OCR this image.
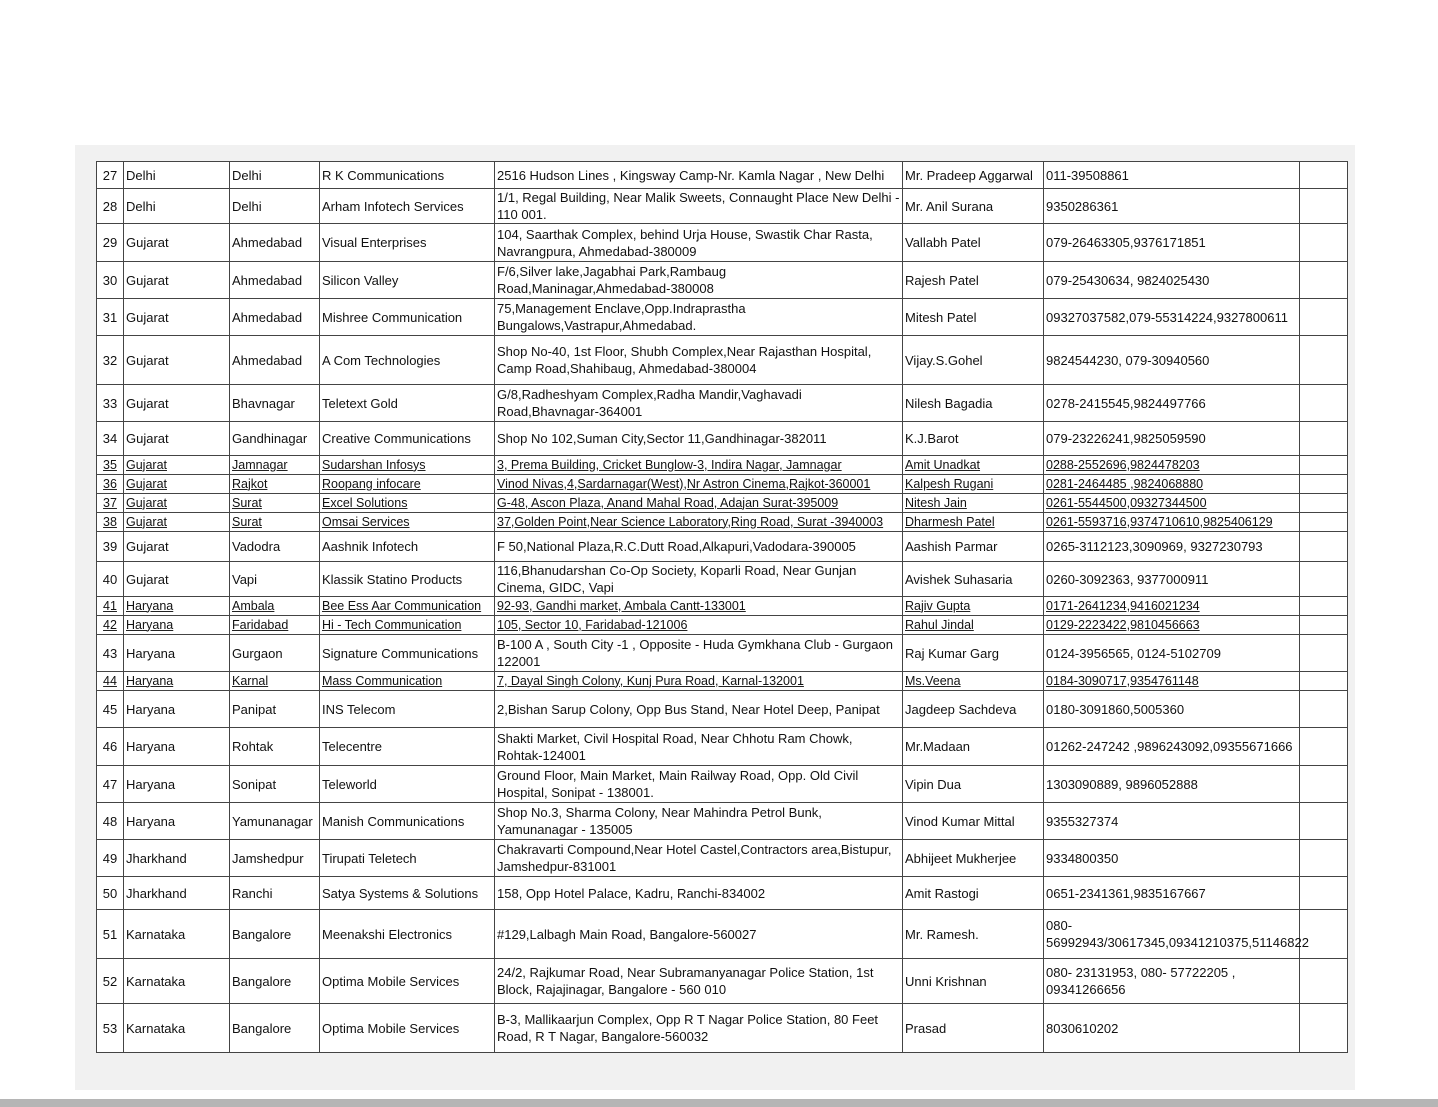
27	Delhi	Delhi	R K Communications	2516 Hudson Lines , Kingsway Camp-Nr. Kamla Nagar , New Delhi	Mr. Pradeep Aggarwal	011-39508861	
28	Delhi	Delhi	Arham Infotech Services	1/1, Regal Building, Near Malik Sweets, Connaught Place New Delhi - 110 001.	Mr. Anil Surana	9350286361	
29	Gujarat	Ahmedabad	Visual Enterprises	104, Saarthak Complex, behind Urja House, Swastik Char Rasta, Navrangpura, Ahmedabad-380009	Vallabh Patel	079-26463305,9376171851	
30	Gujarat	Ahmedabad	Silicon Valley	F/6,Silver lake,Jagabhai Park,Rambaug Road,Maninagar,Ahmedabad-380008	Rajesh Patel	079-25430634, 9824025430	
31	Gujarat	Ahmedabad	Mishree Communication	75,Management Enclave,Opp.Indraprastha Bungalows,Vastrapur,Ahmedabad.	Mitesh Patel	09327037582,079-55314224,9327800611	
32	Gujarat	Ahmedabad	A Com Technologies	Shop No-40, 1st Floor, Shubh Complex,Near Rajasthan Hospital, Camp Road,Shahibaug, Ahmedabad-380004	Vijay.S.Gohel	9824544230, 079-30940560	
33	Gujarat	Bhavnagar	Teletext Gold	G/8,Radheshyam Complex,Radha Mandir,Vaghavadi Road,Bhavnagar-364001	Nilesh Bagadia	0278-2415545,9824497766	
34	Gujarat	Gandhinagar	Creative Communications	Shop No 102,Suman City,Sector 11,Gandhinagar-382011	K.J.Barot	079-23226241,9825059590	
35	Gujarat	Jamnagar	Sudarshan Infosys	3, Prema Building, Cricket Bunglow-3, Indira Nagar, Jamnagar	Amit Unadkat	0288-2552696,9824478203	
36	Gujarat	Rajkot	Roopang infocare	Vinod Nivas,4,Sardarnagar(West),Nr Astron Cinema,Rajkot-360001	Kalpesh Rugani	0281-2464485 ,9824068880	
37	Gujarat	Surat	Excel Solutions	G-48, Ascon Plaza, Anand Mahal Road, Adajan Surat-395009	Nitesh Jain	0261-5544500,09327344500	
38	Gujarat	Surat	Omsai Services	37,Golden Point,Near Science Laboratory,Ring Road, Surat -3940003	Dharmesh Patel	0261-5593716,9374710610,9825406129	
39	Gujarat	Vadodra	Aashnik Infotech	F 50,National Plaza,R.C.Dutt Road,Alkapuri,Vadodara-390005	Aashish Parmar	0265-3112123,3090969, 9327230793	
40	Gujarat	Vapi	Klassik Statino Products	116,Bhanudarshan Co-Op Society, Koparli Road, Near Gunjan Cinema, GIDC, Vapi	Avishek Suhasaria	0260-3092363, 9377000911	
41	Haryana	Ambala	Bee Ess Aar Communication	92-93, Gandhi market, Ambala Cantt-133001	Rajiv Gupta	0171-2641234,9416021234	
42	Haryana	Faridabad	Hi - Tech Communication	105, Sector 10, Faridabad-121006	Rahul Jindal	0129-2223422,9810456663	
43	Haryana	Gurgaon	Signature Communications	B-100 A , South City -1 , Opposite - Huda Gymkhana Club - Gurgaon 122001	Raj Kumar Garg	0124-3956565, 0124-5102709	
44	Haryana	Karnal	Mass Communication	7, Dayal Singh Colony, Kunj Pura Road, Karnal-132001	Ms.Veena	0184-3090717,9354761148	
45	Haryana	Panipat	INS Telecom	2,Bishan Sarup Colony, Opp Bus Stand, Near Hotel Deep, Panipat	Jagdeep Sachdeva	0180-3091860,5005360	
46	Haryana	Rohtak	Telecentre	Shakti Market, Civil Hospital Road, Near Chhotu Ram Chowk, Rohtak-124001	Mr.Madaan	01262-247242 ,9896243092,09355671666	
47	Haryana	Sonipat	Teleworld	Ground Floor, Main Market, Main Railway Road, Opp. Old Civil Hospital, Sonipat - 138001.	Vipin Dua	1303090889, 9896052888	
48	Haryana	Yamunanagar	Manish Communications	Shop No.3, Sharma Colony, Near Mahindra Petrol Bunk, Yamunanagar - 135005	Vinod Kumar Mittal	9355327374	
49	Jharkhand	Jamshedpur	Tirupati Teletech	Chakravarti Compound,Near Hotel Castel,Contractors area,Bistupur, Jamshedpur-831001	Abhijeet Mukherjee	9334800350	
50	Jharkhand	Ranchi	Satya Systems & Solutions	158, Opp Hotel Palace, Kadru, Ranchi-834002	Amit Rastogi	0651-2341361,9835167667	
51	Karnataka	Bangalore	Meenakshi Electronics	#129,Lalbagh Main Road, Bangalore-560027	Mr. Ramesh.	080-56992943/30617345,09341210375,51146822	
52	Karnataka	Bangalore	Optima Mobile Services	24/2, Rajkumar Road, Near Subramanyanagar Police Station, 1st Block, Rajajinagar, Bangalore - 560 010	Unni Krishnan	080- 23131953, 080- 57722205 , 09341266656	
53	Karnataka	Bangalore	Optima Mobile Services	B-3, Mallikaarjun Complex, Opp R T Nagar Police Station, 80 Feet Road, R T Nagar, Bangalore-560032	Prasad	8030610202	
